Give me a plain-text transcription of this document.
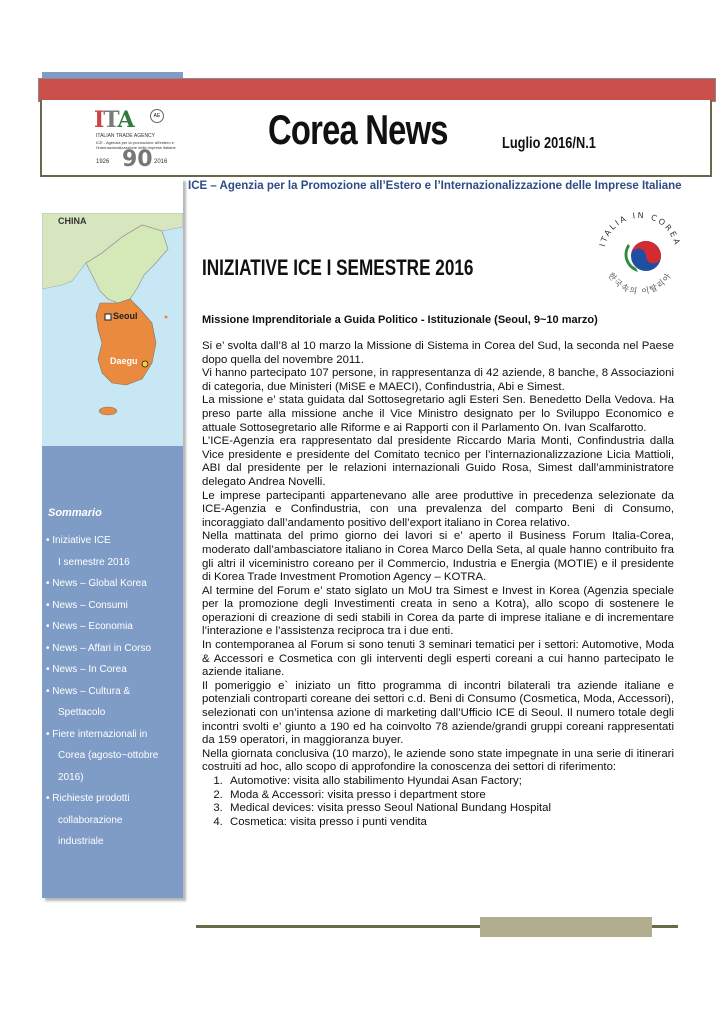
CHINA
Seoul
Daegu
Sommario
• Iniziative ICE
I semestre 2016
• News – Global Korea
• News – Consumi
• News – Economia
• News – Affari in Corso
• News – In Corea
• News – Cultura &
Spettacolo
• Fiere internazionali in
Corea (agosto~ottobre
2016)
• Richieste prodotti
collaborazione
industriale
ITA	AE
ITALIAN TRADE AGENCY
ICE - Agenzia per la promozione all'estero e l'internazionalizzazione delle imprese italiane
1926 90 2016
Corea News	Luglio 2016/N.1
ICE – Agenzia per la Promozione all’Estero e l’Internazionalizzazione delle Imprese Italiane
ITALIA IN COREA
한국속의 이탈리아
INIZIATIVE ICE I SEMESTRE 2016
Missione Imprenditoriale a Guida Politico - Istituzionale (Seoul, 9~10 marzo)

Si e’ svolta dall’8 al 10 marzo la Missione di Sistema in Corea del Sud, la seconda nel Paese dopo quella del novembre 2011.

Vi hanno partecipato 107 persone, in rappresentanza di 42 aziende, 8 banche, 8 Associazioni di categoria, due Ministeri (MiSE e MAECI), Confindustria, Abi e Simest.

La missione e’ stata guidata dal Sottosegretario agli Esteri Sen. Benedetto Della Vedova. Ha preso parte alla missione anche il Vice Ministro designato per lo Sviluppo Economico e attuale Sottosegretario alle Riforme e ai Rapporti con il Parlamento On. Ivan Scalfarotto.

L’ICE-Agenzia era rappresentato dal presidente Riccardo Maria Monti, Confindustria dalla Vice presidente e presidente del Comitato tecnico per l’internazionalizzazione Licia Mattioli, ABI dal presidente per le relazioni internazionali Guido Rosa, Simest dall’amministratore delegato Andrea Novelli.

Le imprese partecipanti appartenevano alle aree produttive in precedenza selezionate da ICE-Agenzia e Confindustria, con una prevalenza del comparto Beni di Consumo, incoraggiato dall’andamento positivo dell’export italiano in Corea relativo.

Nella mattinata del primo giorno dei lavori si e’ aperto il Business Forum Italia-Corea, moderato dall’ambasciatore italiano in Corea Marco Della Seta, al quale hanno contribuito fra gli altri il viceministro coreano per il Commercio, Industria e Energia (MOTIE) e il presidente di Korea Trade Investment Promotion Agency – KOTRA.

Al termine del Forum e’ stato siglato un MoU tra Simest e Invest in Korea (Agenzia speciale per la promozione degli Investimenti creata in seno a Kotra), allo scopo di sostenere le operazioni di creazione di sedi stabili in Corea da parte di imprese italiane e di incrementare l’interazione e l’assistenza reciproca tra i due enti.

In contemporanea al Forum si sono tenuti 3 seminari tematici per i settori: Automotive, Moda & Accessori e Cosmetica con gli interventi degli esperti coreani a cui hanno partecipato le aziende italiane.

Il pomeriggio e` iniziato un fitto programma di incontri bilaterali tra aziende italiane e potenziali controparti coreane dei settori c.d. Beni di Consumo (Cosmetica, Moda, Accessori), selezionati con un’intensa azione di marketing dall’Ufficio ICE di Seoul. Il numero totale degli incontri svolti e’ giunto a 190 ed ha coinvolto 78 aziende/grandi gruppi coreani rappresentati da 159 operatori, in maggioranza buyer.

Nella giornata conclusiva (10 marzo), le aziende sono state impegnate in una serie di itinerari costruiti ad hoc, allo scopo di approfondire la conoscenza dei settori di riferimento:

1. Automotive: visita allo stabilimento Hyundai Asan Factory;
2. Moda & Accessori: visita presso i department store
3. Medical devices: visita presso Seoul National Bundang Hospital
4. Cosmetica: visita presso i punti vendita
